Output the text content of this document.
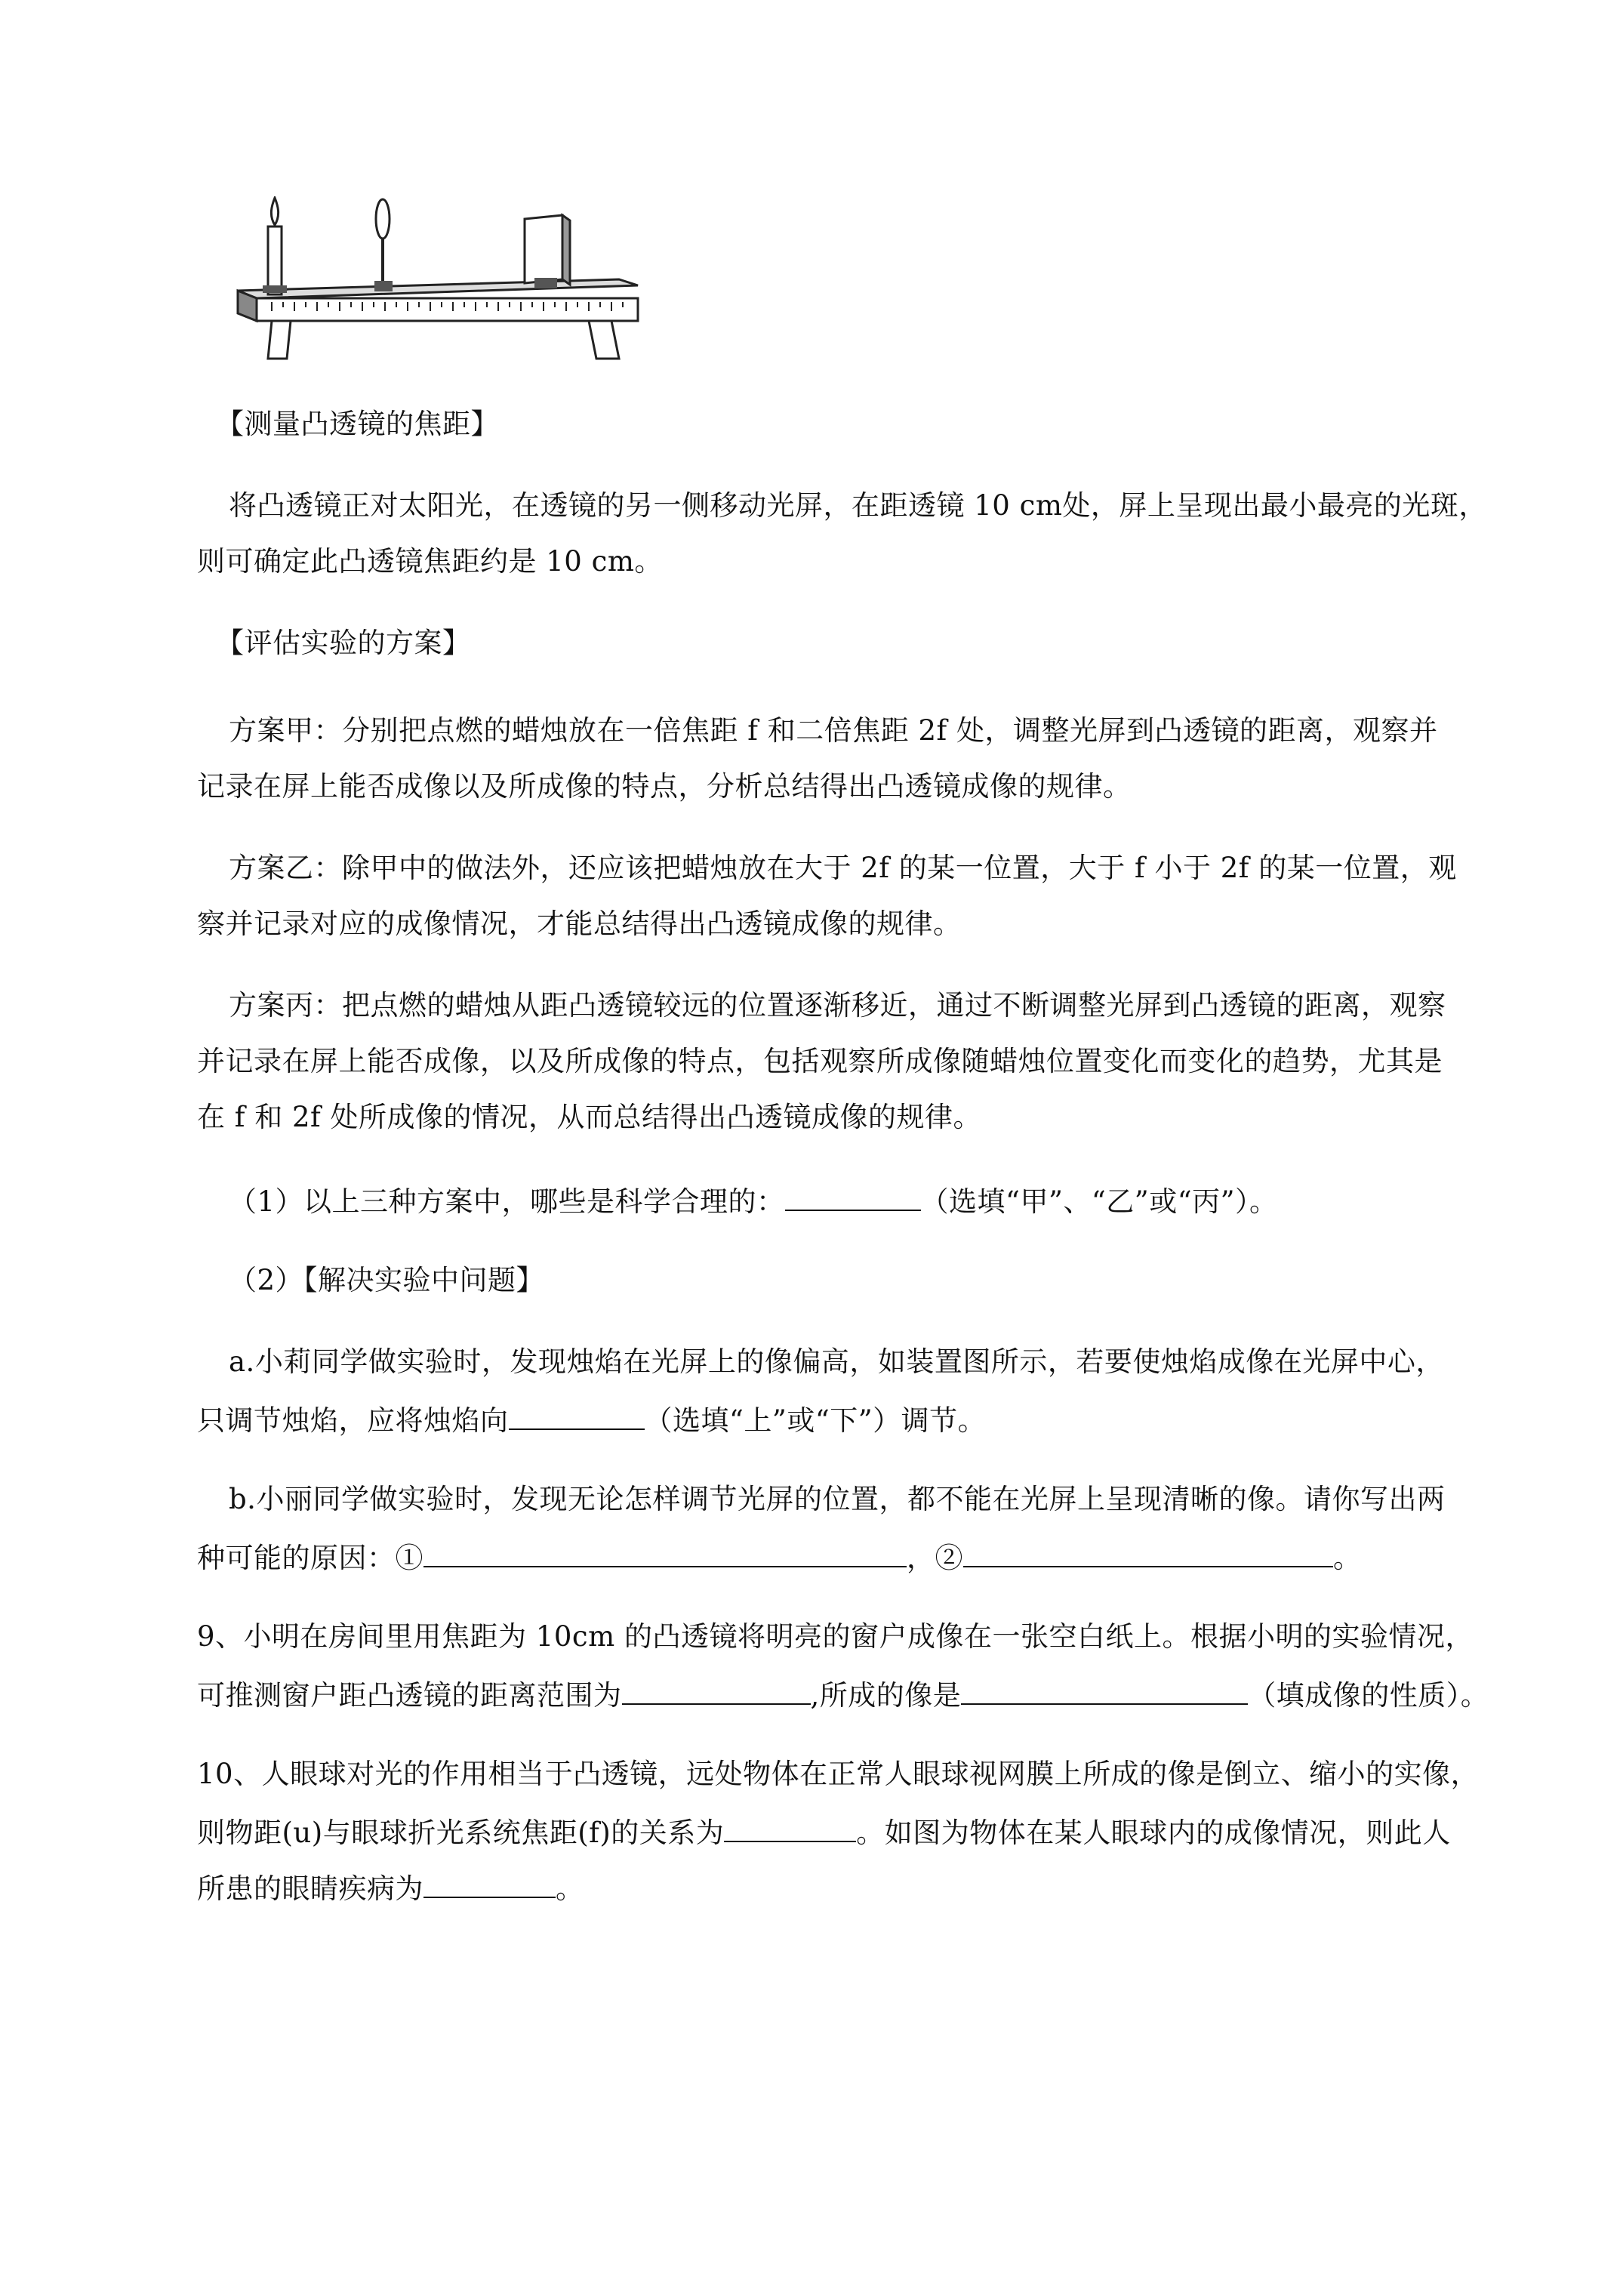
【测量凸透镜的焦距】
将凸透镜正对太阳光，在透镜的另一侧移动光屏，在距透镜 10 cm处，屏上呈现出最小最亮的光斑，
则可确定此凸透镜焦距约是 10 cm。
【评估实验的方案】
方案甲：分别把点燃的蜡烛放在一倍焦距 f 和二倍焦距 2f 处，调整光屏到凸透镜的距离，观察并
记录在屏上能否成像以及所成像的特点，分析总结得出凸透镜成像的规律。
方案乙：除甲中的做法外，还应该把蜡烛放在大于 2f 的某一位置，大于 f 小于 2f 的某一位置，观
察并记录对应的成像情况，才能总结得出凸透镜成像的规律。
方案丙：把点燃的蜡烛从距凸透镜较远的位置逐渐移近，通过不断调整光屏到凸透镜的距离，观察
并记录在屏上能否成像，以及所成像的特点，包括观察所成像随蜡烛位置变化而变化的趋势，尤其是
在 f 和 2f 处所成像的情况，从而总结得出凸透镜成像的规律。
（1）以上三种方案中，哪些是科学合理的：	（选填“甲”、“乙”或“丙”）。
（2）【解决实验中问题】
a.小莉同学做实验时，发现烛焰在光屏上的像偏高，如装置图所示，若要使烛焰成像在光屏中心，
只调节烛焰，应将烛焰向	（选填“上”或“下”）调节。
b.小丽同学做实验时，发现无论怎样调节光屏的位置，都不能在光屏上呈现清晰的像。请你写出两
种可能的原因：①	，②	。
9、小明在房间里用焦距为 10cm 的凸透镜将明亮的窗户成像在一张空白纸上。根据小明的实验情况，
可推测窗户距凸透镜的距离范围为	,所成的像是	（填成像的性质）。
10、人眼球对光的作用相当于凸透镜，远处物体在正常人眼球视网膜上所成的像是倒立、缩小的实像，
则物距(u)与眼球折光系统焦距(f)的关系为	。如图为物体在某人眼球内的成像情况，则此人
所患的眼睛疾病为	。
